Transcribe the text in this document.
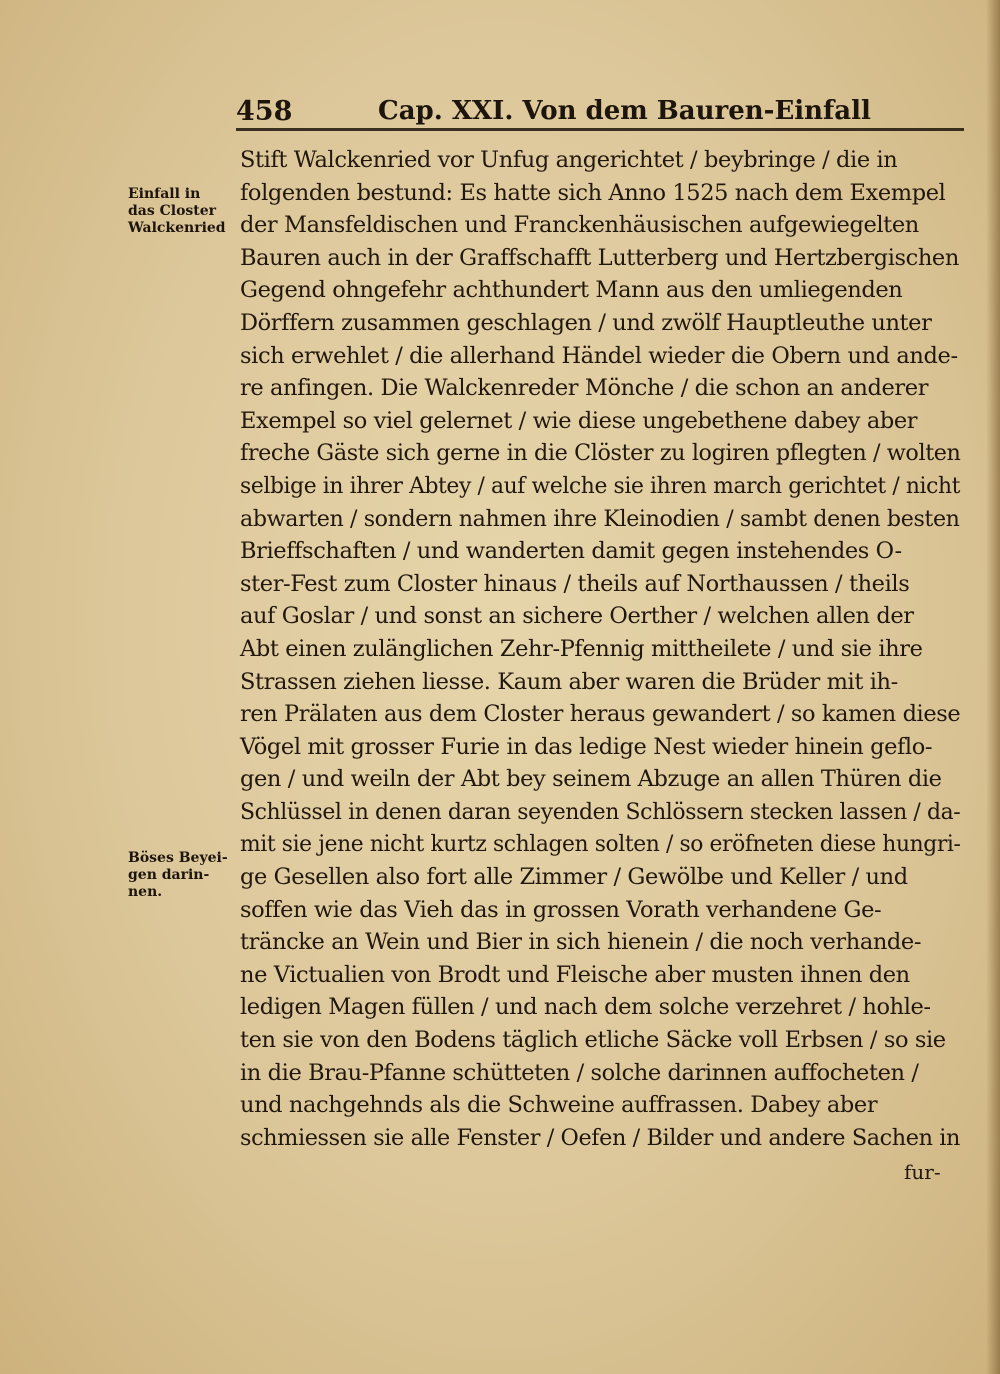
458	Cap. XXI. Von dem Bauren-Einfall
Einfall in
das Closter
Walckenried
Böses Beyei-
gen darin-
nen.
Stift Walckenried vor Unfug angerichtet / beybringe / die in
folgenden bestund: Es hatte sich Anno 1525 nach dem Exempel
der Mansfeldischen und Franckenhäusischen aufgewiegelten
Bauren auch in der Graffschafft Lutterberg und Hertzbergischen
Gegend ohngefehr achthundert Mann aus den umliegenden
Dörffern zusammen geschlagen / und zwölf Hauptleuthe unter
sich erwehlet / die allerhand Händel wieder die Obern und ande-
re anfingen. Die Walckenreder Mönche / die schon an anderer
Exempel so viel gelernet / wie diese ungebethene dabey aber
freche Gäste sich gerne in die Clöster zu logiren pflegten / wolten
selbige in ihrer Abtey / auf welche sie ihren march gerichtet / nicht
abwarten / sondern nahmen ihre Kleinodien / sambt denen besten
Brieffschaften / und wanderten damit gegen instehendes O-
ster-Fest zum Closter hinaus / theils auf Northaussen / theils
auf Goslar / und sonst an sichere Oerther / welchen allen der
Abt einen zulänglichen Zehr-Pfennig mittheilete / und sie ihre
Strassen ziehen liesse. Kaum aber waren die Brüder mit ih-
ren Prälaten aus dem Closter heraus gewandert / so kamen diese
Vögel mit grosser Furie in das ledige Nest wieder hinein geflo-
gen / und weiln der Abt bey seinem Abzuge an allen Thüren die
Schlüssel in denen daran seyenden Schlössern stecken lassen / da-
mit sie jene nicht kurtz schlagen solten / so eröfneten diese hungri-
ge Gesellen also fort alle Zimmer / Gewölbe und Keller / und
soffen wie das Vieh das in grossen Vorath verhandene Ge-
träncke an Wein und Bier in sich hienein / die noch verhande-
ne Victualien von Brodt und Fleische aber musten ihnen den
ledigen Magen füllen / und nach dem solche verzehret / hohle-
ten sie von den Bodens täglich etliche Säcke voll Erbsen / so sie
in die Brau-Pfanne schütteten / solche darinnen auffocheten /
und nachgehnds als die Schweine auffrassen. Dabey aber
schmiessen sie alle Fenster / Oefen / Bilder und andere Sachen in
fur-
